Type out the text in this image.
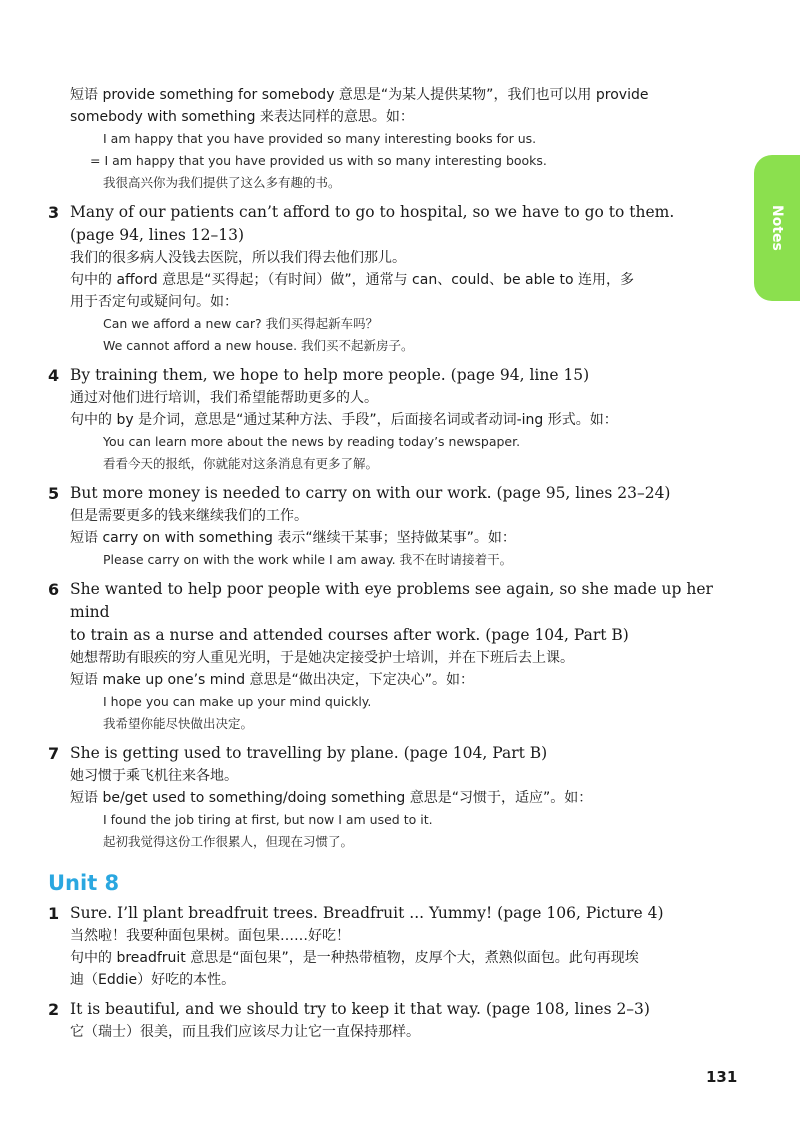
Notes
短语 provide something for somebody 意思是“为某人提供某物”，我们也可以用 provide
somebody with something 来表达同样的意思。如：
I am happy that you have provided so many interesting books for us.
= I am happy that you have provided us with so many interesting books.
我很高兴你为我们提供了这么多有趣的书。
3 Many of our patients can’t afford to go to hospital, so we have to go to them.
(page 94, lines 12–13)
我们的很多病人没钱去医院，所以我们得去他们那儿。
句中的 afford 意思是“买得起；（有时间）做”，通常与 can、could、be able to 连用，多
用于否定句或疑问句。如：
Can we afford a new car? 我们买得起新车吗？
We cannot afford a new house. 我们买不起新房子。
4 By training them, we hope to help more people. (page 94, line 15)
通过对他们进行培训，我们希望能帮助更多的人。
句中的 by 是介词，意思是“通过某种方法、手段”，后面接名词或者动词-ing 形式。如：
You can learn more about the news by reading today’s newspaper.
看看今天的报纸，你就能对这条消息有更多了解。
5 But more money is needed to carry on with our work. (page 95, lines 23–24)
但是需要更多的钱来继续我们的工作。
短语 carry on with something 表示“继续干某事；坚持做某事”。如：
Please carry on with the work while I am away. 我不在时请接着干。
6 She wanted to help poor people with eye problems see again, so she made up her mind
to train as a nurse and attended courses after work. (page 104, Part B)
她想帮助有眼疾的穷人重见光明，于是她决定接受护士培训，并在下班后去上课。
短语 make up one’s mind 意思是“做出决定，下定决心”。如：
I hope you can make up your mind quickly.
我希望你能尽快做出决定。
7 She is getting used to travelling by plane. (page 104, Part B)
她习惯于乘飞机往来各地。
短语 be/get used to something/doing something 意思是“习惯于，适应”。如：
I found the job tiring at first, but now I am used to it.
起初我觉得这份工作很累人，但现在习惯了。
Unit 8
1 Sure. I’ll plant breadfruit trees. Breadfruit ... Yummy! (page 106, Picture 4)
当然啦！我要种面包果树。面包果……好吃！
句中的 breadfruit 意思是“面包果”，是一种热带植物，皮厚个大，煮熟似面包。此句再现埃
迪（Eddie）好吃的本性。
2 It is beautiful, and we should try to keep it that way. (page 108, lines 2–3)
它（瑞士）很美，而且我们应该尽力让它一直保持那样。
131
